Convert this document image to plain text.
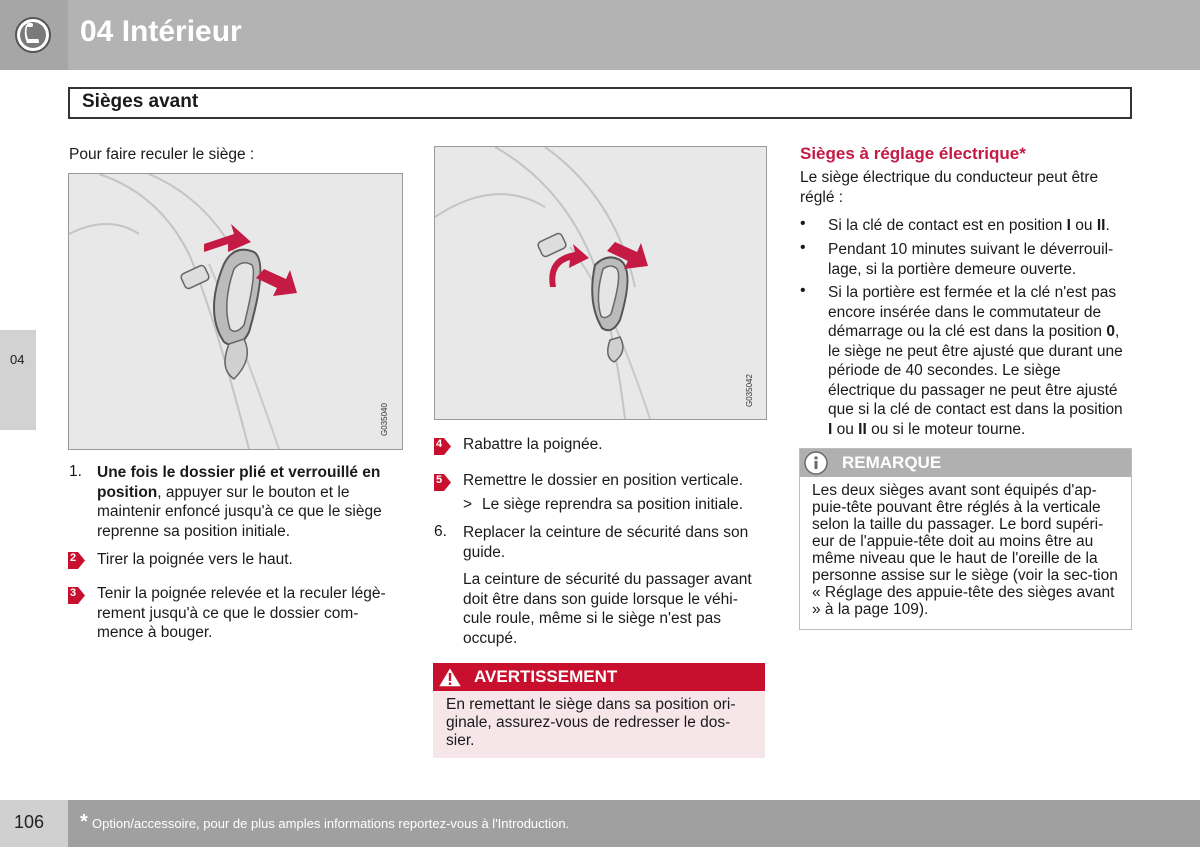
04 Intérieur
Sièges avant
04
Pour faire reculer le siège :
G035040
1. Une fois le dossier plié et verrouillé en position, appuyer sur le bouton et le maintenir enfoncé jusqu'à ce que le siège reprenne sa position initiale.
2 Tirer la poignée vers le haut.
3 Tenir la poignée relevée et la reculer légè-rement jusqu'à ce que le dossier com-mence à bouger.
G035042
4 Rabattre la poignée.
5 Remettre le dossier en position verticale.
> Le siège reprendra sa position initiale.
6. Replacer la ceinture de sécurité dans son guide.
La ceinture de sécurité du passager avant doit être dans son guide lorsque le véhi-cule roule, même si le siège n'est pas occupé.
AVERTISSEMENT
En remettant le siège dans sa position ori-ginale, assurez-vous de redresser le dos-sier.
Sièges à réglage électrique*
Le siège électrique du conducteur peut être réglé :
• Si la clé de contact est en position I ou II.
• Pendant 10 minutes suivant le déverrouil-lage, si la portière demeure ouverte.
• Si la portière est fermée et la clé n'est pas encore insérée dans le commutateur de démarrage ou la clé est dans la position 0, le siège ne peut être ajusté que durant une période de 40 secondes. Le siège électrique du passager ne peut être ajusté que si la clé de contact est dans la position I ou II ou si le moteur tourne.
REMARQUE
Les deux sièges avant sont équipés d'ap-puie-tête pouvant être réglés à la verticale selon la taille du passager. Le bord supéri-eur de l'appuie-tête doit au moins être au même niveau que le haut de l'oreille de la personne assise sur le siège (voir la sec-tion « Réglage des appuie-tête des sièges avant » à la page 109).
106 * Option/accessoire, pour de plus amples informations reportez-vous à l'Introduction.
